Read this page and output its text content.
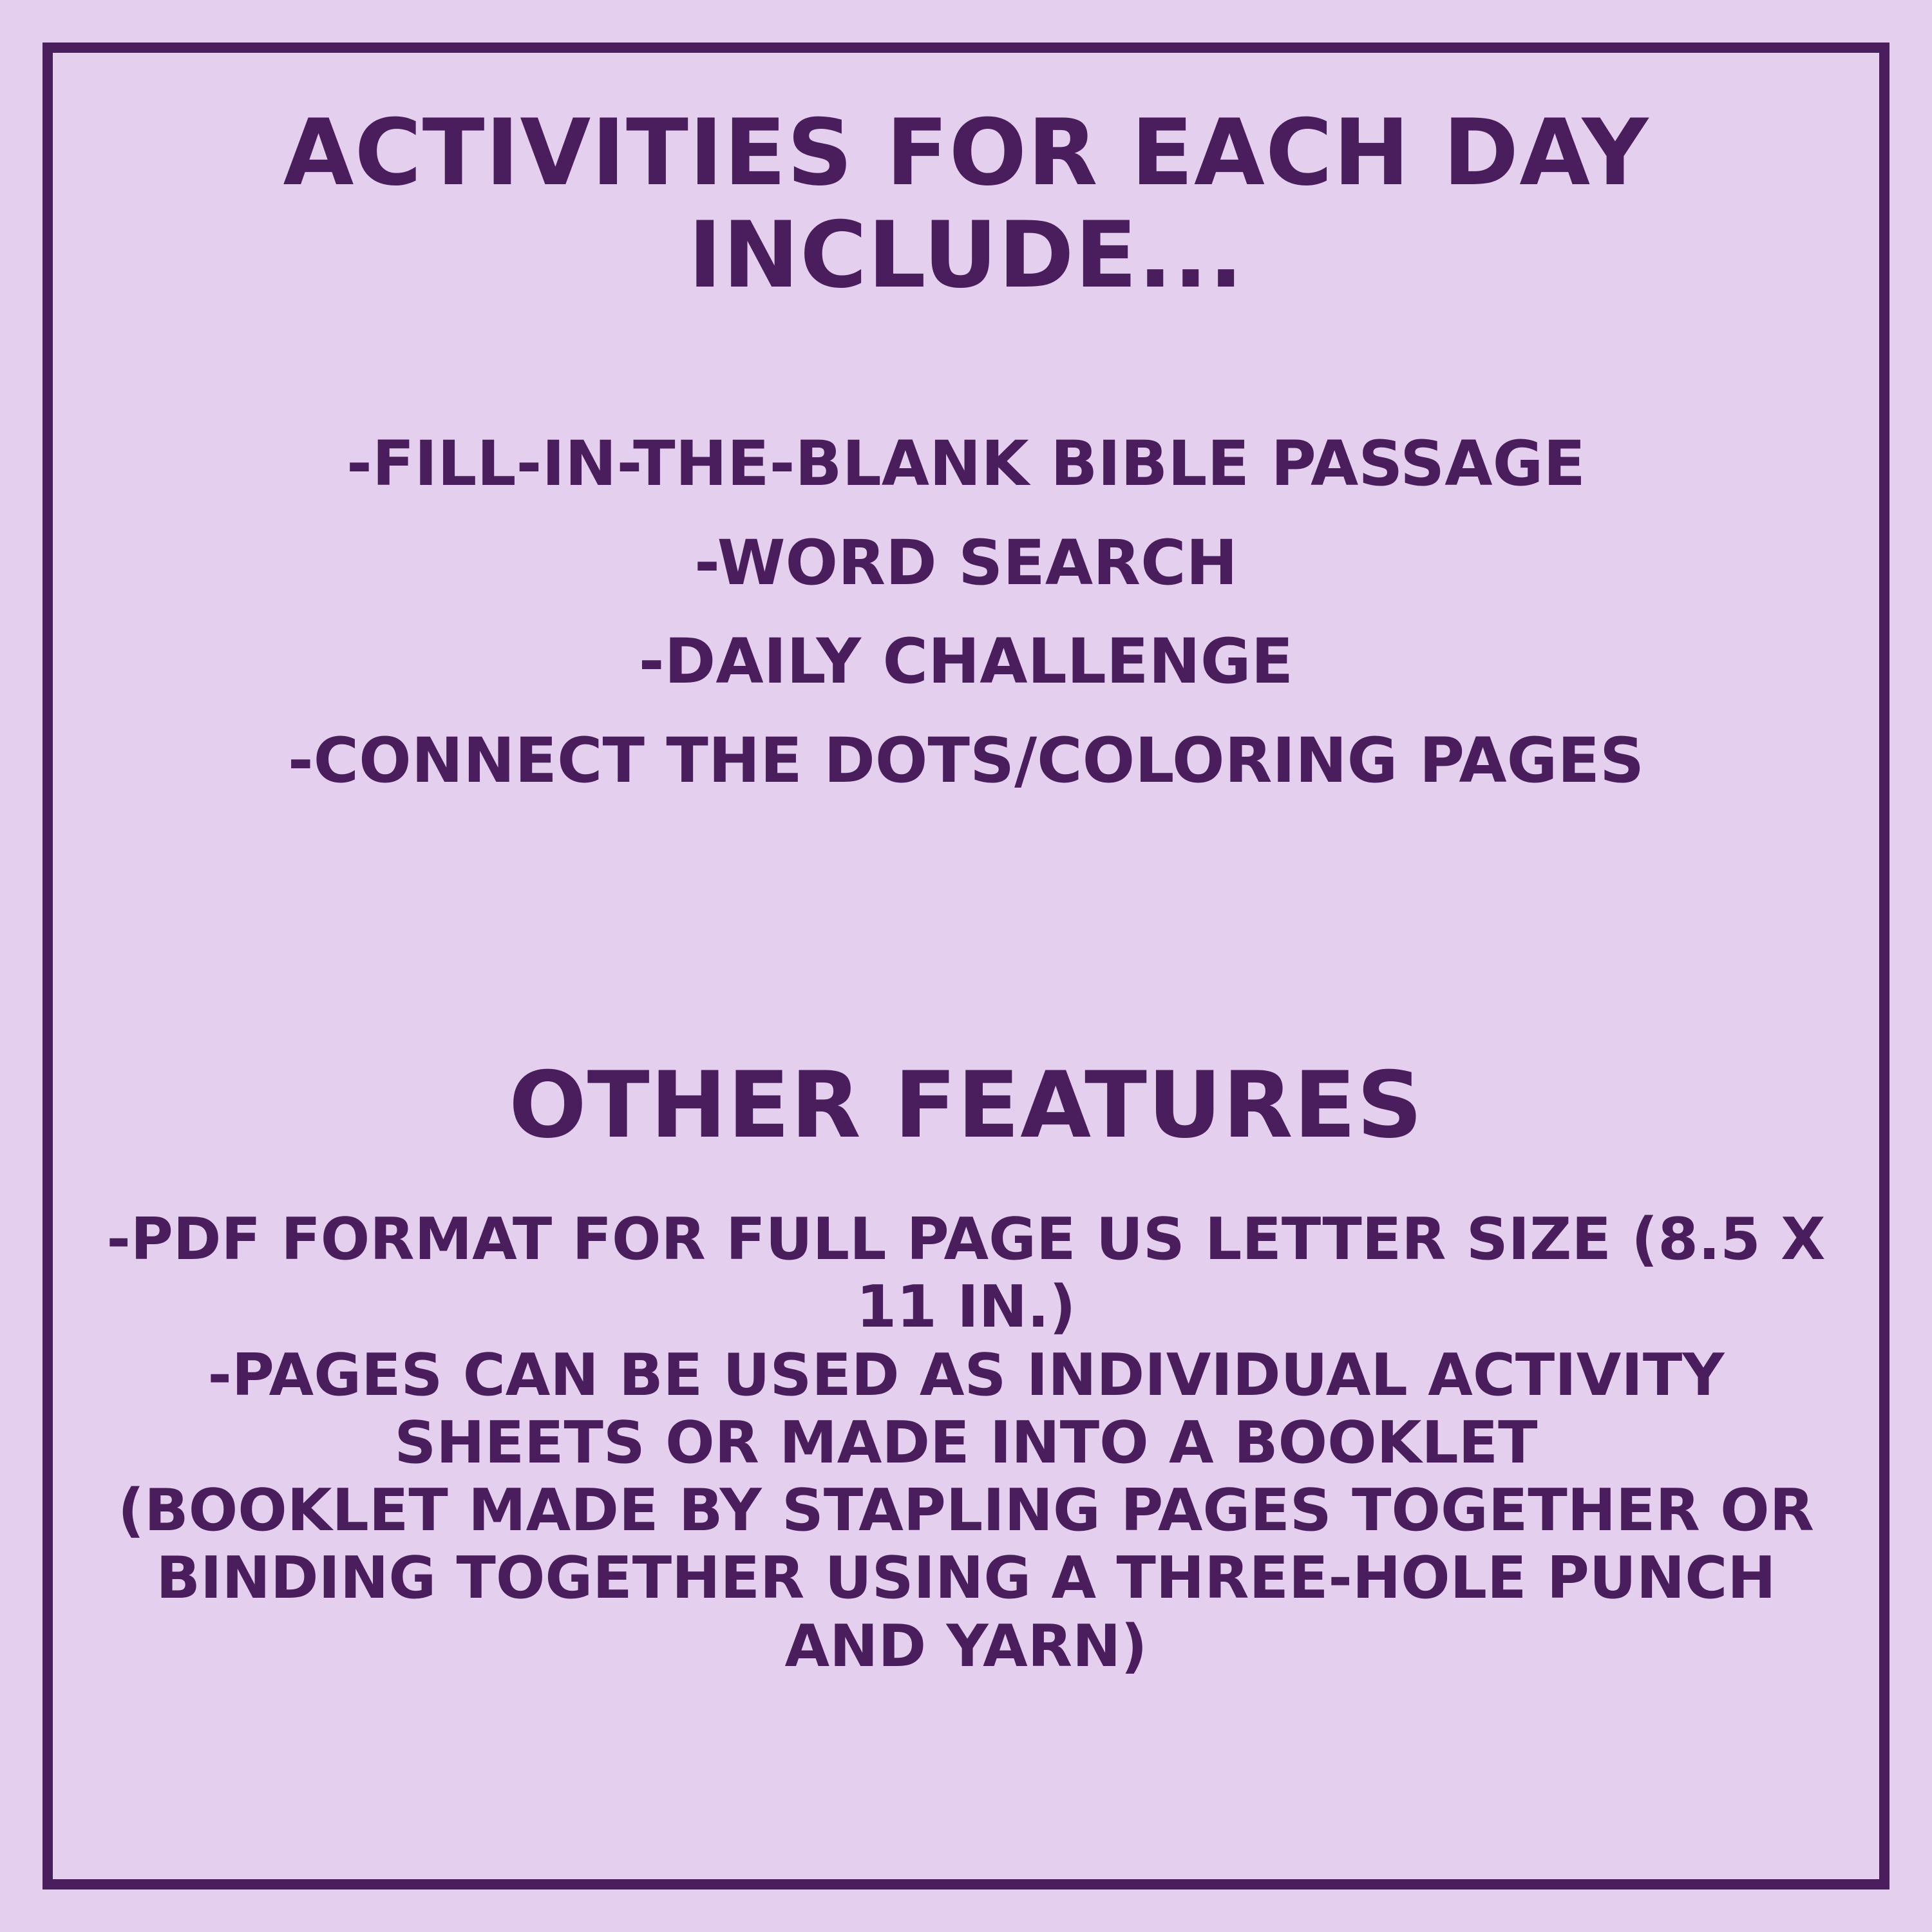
ACTIVITIES FOR EACH DAY INCLUDE...
-FILL-IN-THE-BLANK BIBLE PASSAGE
-WORD SEARCH
-DAILY CHALLENGE
-CONNECT THE DOTS/COLORING PAGES
OTHER FEATURES
-PDF FORMAT FOR FULL PAGE US LETTER SIZE (8.5 X 11 IN.)
-PAGES CAN BE USED AS INDIVIDUAL ACTIVITY SHEETS OR MADE INTO A BOOKLET
(BOOKLET MADE BY STAPLING PAGES TOGETHER OR BINDING TOGETHER USING A THREE-HOLE PUNCH AND YARN)
